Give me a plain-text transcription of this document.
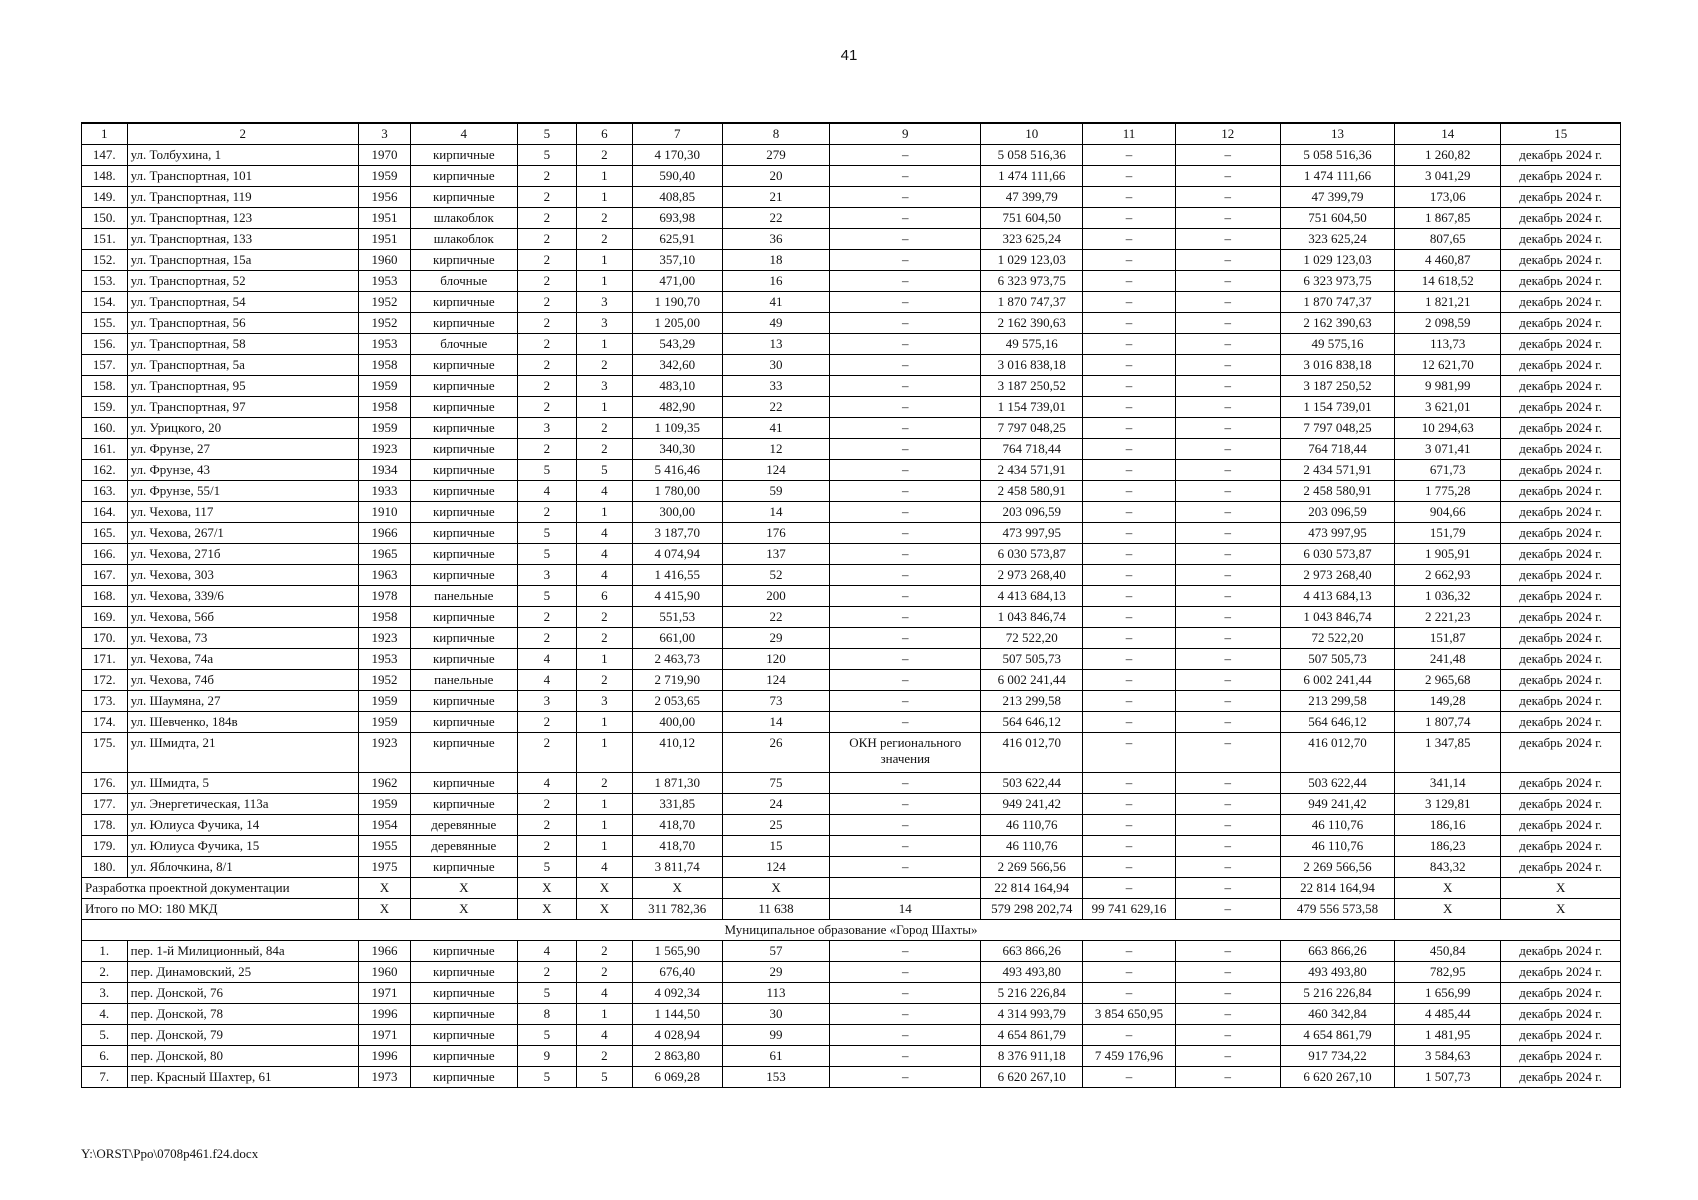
41
1	2	3	4	5	6	7	8	9	10	11	12	13	14	15
147.	ул. Толбухина, 1	1970	кирпичные	5	2	4 170,30	279	–	5 058 516,36	–	–	5 058 516,36	1 260,82	декабрь 2024 г.
148.	ул. Транспортная, 101	1959	кирпичные	2	1	590,40	20	–	1 474 111,66	–	–	1 474 111,66	3 041,29	декабрь 2024 г.
149.	ул. Транспортная, 119	1956	кирпичные	2	1	408,85	21	–	47 399,79	–	–	47 399,79	173,06	декабрь 2024 г.
150.	ул. Транспортная, 123	1951	шлакоблок	2	2	693,98	22	–	751 604,50	–	–	751 604,50	1 867,85	декабрь 2024 г.
151.	ул. Транспортная, 133	1951	шлакоблок	2	2	625,91	36	–	323 625,24	–	–	323 625,24	807,65	декабрь 2024 г.
152.	ул. Транспортная, 15а	1960	кирпичные	2	1	357,10	18	–	1 029 123,03	–	–	1 029 123,03	4 460,87	декабрь 2024 г.
153.	ул. Транспортная, 52	1953	блочные	2	1	471,00	16	–	6 323 973,75	–	–	6 323 973,75	14 618,52	декабрь 2024 г.
154.	ул. Транспортная, 54	1952	кирпичные	2	3	1 190,70	41	–	1 870 747,37	–	–	1 870 747,37	1 821,21	декабрь 2024 г.
155.	ул. Транспортная, 56	1952	кирпичные	2	3	1 205,00	49	–	2 162 390,63	–	–	2 162 390,63	2 098,59	декабрь 2024 г.
156.	ул. Транспортная, 58	1953	блочные	2	1	543,29	13	–	49 575,16	–	–	49 575,16	113,73	декабрь 2024 г.
157.	ул. Транспортная, 5а	1958	кирпичные	2	2	342,60	30	–	3 016 838,18	–	–	3 016 838,18	12 621,70	декабрь 2024 г.
158.	ул. Транспортная, 95	1959	кирпичные	2	3	483,10	33	–	3 187 250,52	–	–	3 187 250,52	9 981,99	декабрь 2024 г.
159.	ул. Транспортная, 97	1958	кирпичные	2	1	482,90	22	–	1 154 739,01	–	–	1 154 739,01	3 621,01	декабрь 2024 г.
160.	ул. Урицкого, 20	1959	кирпичные	3	2	1 109,35	41	–	7 797 048,25	–	–	7 797 048,25	10 294,63	декабрь 2024 г.
161.	ул. Фрунзе, 27	1923	кирпичные	2	2	340,30	12	–	764 718,44	–	–	764 718,44	3 071,41	декабрь 2024 г.
162.	ул. Фрунзе, 43	1934	кирпичные	5	5	5 416,46	124	–	2 434 571,91	–	–	2 434 571,91	671,73	декабрь 2024 г.
163.	ул. Фрунзе, 55/1	1933	кирпичные	4	4	1 780,00	59	–	2 458 580,91	–	–	2 458 580,91	1 775,28	декабрь 2024 г.
164.	ул. Чехова, 117	1910	кирпичные	2	1	300,00	14	–	203 096,59	–	–	203 096,59	904,66	декабрь 2024 г.
165.	ул. Чехова, 267/1	1966	кирпичные	5	4	3 187,70	176	–	473 997,95	–	–	473 997,95	151,79	декабрь 2024 г.
166.	ул. Чехова, 271б	1965	кирпичные	5	4	4 074,94	137	–	6 030 573,87	–	–	6 030 573,87	1 905,91	декабрь 2024 г.
167.	ул. Чехова, 303	1963	кирпичные	3	4	1 416,55	52	–	2 973 268,40	–	–	2 973 268,40	2 662,93	декабрь 2024 г.
168.	ул. Чехова, 339/6	1978	панельные	5	6	4 415,90	200	–	4 413 684,13	–	–	4 413 684,13	1 036,32	декабрь 2024 г.
169.	ул. Чехова, 56б	1958	кирпичные	2	2	551,53	22	–	1 043 846,74	–	–	1 043 846,74	2 221,23	декабрь 2024 г.
170.	ул. Чехова, 73	1923	кирпичные	2	2	661,00	29	–	72 522,20	–	–	72 522,20	151,87	декабрь 2024 г.
171.	ул. Чехова, 74а	1953	кирпичные	4	1	2 463,73	120	–	507 505,73	–	–	507 505,73	241,48	декабрь 2024 г.
172.	ул. Чехова, 74б	1952	панельные	4	2	2 719,90	124	–	6 002 241,44	–	–	6 002 241,44	2 965,68	декабрь 2024 г.
173.	ул. Шаумяна, 27	1959	кирпичные	3	3	2 053,65	73	–	213 299,58	–	–	213 299,58	149,28	декабрь 2024 г.
174.	ул. Шевченко, 184в	1959	кирпичные	2	1	400,00	14	–	564 646,12	–	–	564 646,12	1 807,74	декабрь 2024 г.
175.	ул. Шмидта, 21	1923	кирпичные	2	1	410,12	26	ОКН регионального значения	416 012,70	–	–	416 012,70	1 347,85	декабрь 2024 г.
176.	ул. Шмидта, 5	1962	кирпичные	4	2	1 871,30	75	–	503 622,44	–	–	503 622,44	341,14	декабрь 2024 г.
177.	ул. Энергетическая, 113а	1959	кирпичные	2	1	331,85	24	–	949 241,42	–	–	949 241,42	3 129,81	декабрь 2024 г.
178.	ул. Юлиуса Фучика, 14	1954	деревянные	2	1	418,70	25	–	46 110,76	–	–	46 110,76	186,16	декабрь 2024 г.
179.	ул. Юлиуса Фучика, 15	1955	деревянные	2	1	418,70	15	–	46 110,76	–	–	46 110,76	186,23	декабрь 2024 г.
180.	ул. Яблочкина, 8/1	1975	кирпичные	5	4	3 811,74	124	–	2 269 566,56	–	–	2 269 566,56	843,32	декабрь 2024 г.
Разработка проектной документации		X	X	X	X	X	X		22 814 164,94	–	–	22 814 164,94	X	X
Итого по МО: 180 МКД		X	X	X	X	311 782,36	11 638	14	579 298 202,74	99 741 629,16	–	479 556 573,58	X	X
Муниципальное образование «Город Шахты»														
1.	пер. 1-й Милиционный, 84а	1966	кирпичные	4	2	1 565,90	57	–	663 866,26	–	–	663 866,26	450,84	декабрь 2024 г.
2.	пер. Динамовский, 25	1960	кирпичные	2	2	676,40	29	–	493 493,80	–	–	493 493,80	782,95	декабрь 2024 г.
3.	пер. Донской, 76	1971	кирпичные	5	4	4 092,34	113	–	5 216 226,84	–	–	5 216 226,84	1 656,99	декабрь 2024 г.
4.	пер. Донской, 78	1996	кирпичные	8	1	1 144,50	30	–	4 314 993,79	3 854 650,95	–	460 342,84	4 485,44	декабрь 2024 г.
5.	пер. Донской, 79	1971	кирпичные	5	4	4 028,94	99	–	4 654 861,79	–	–	4 654 861,79	1 481,95	декабрь 2024 г.
6.	пер. Донской, 80	1996	кирпичные	9	2	2 863,80	61	–	8 376 911,18	7 459 176,96	–	917 734,22	3 584,63	декабрь 2024 г.
7.	пер. Красный Шахтер, 61	1973	кирпичные	5	5	6 069,28	153	–	6 620 267,10	–	–	6 620 267,10	1 507,73	декабрь 2024 г.
Y:\ORST\Ppo\0708p461.f24.docx
